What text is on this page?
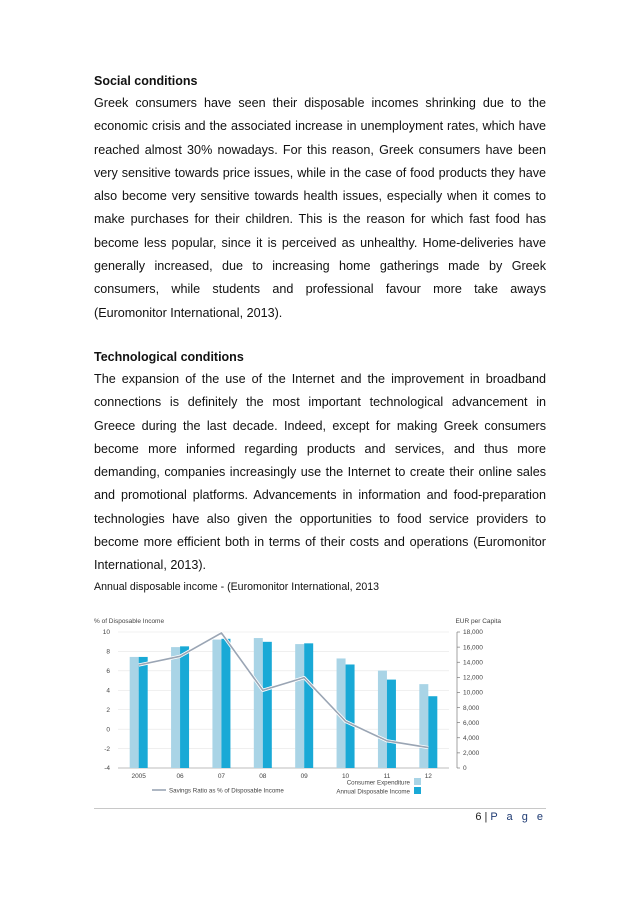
Social conditions
Greek consumers have seen their disposable incomes shrinking due to the economic crisis and the associated increase in unemployment rates, which have reached almost 30% nowadays. For this reason, Greek consumers have been very sensitive towards price issues, while in the case of food products they have also become very sensitive towards health issues, especially when it comes to make purchases for their children. This is the reason for which fast food has become less popular, since it is perceived as unhealthy. Home-deliveries have generally increased, due to increasing home gatherings made by Greek consumers, while students and professional favour more take aways (Euromonitor International, 2013).
Technological conditions
The expansion of the use of the Internet and the improvement in broadband connections is definitely the most important technological advancement in Greece during the last decade. Indeed, except for making Greek consumers become more informed regarding products and services, and thus more demanding, companies increasingly use the Internet to create their online sales and promotional platforms. Advancements in information and food-preparation technologies have also given the opportunities to food service providers to become more efficient both in terms of their costs and operations (Euromonitor International, 2013).
Annual disposable income - (Euromonitor International, 2013
% of Disposable Income	EUR per Capita
10
8
6
4
2
0
-2
-4
18,000
16,000
14,000
12,000
10,000
8,000
6,000
4,000
2,000
0
2005	06	07	08	09	10	11	12
Savings Ratio as % of Disposable Income
Consumer Expenditure
Annual Disposable Income
6 | P a g e
